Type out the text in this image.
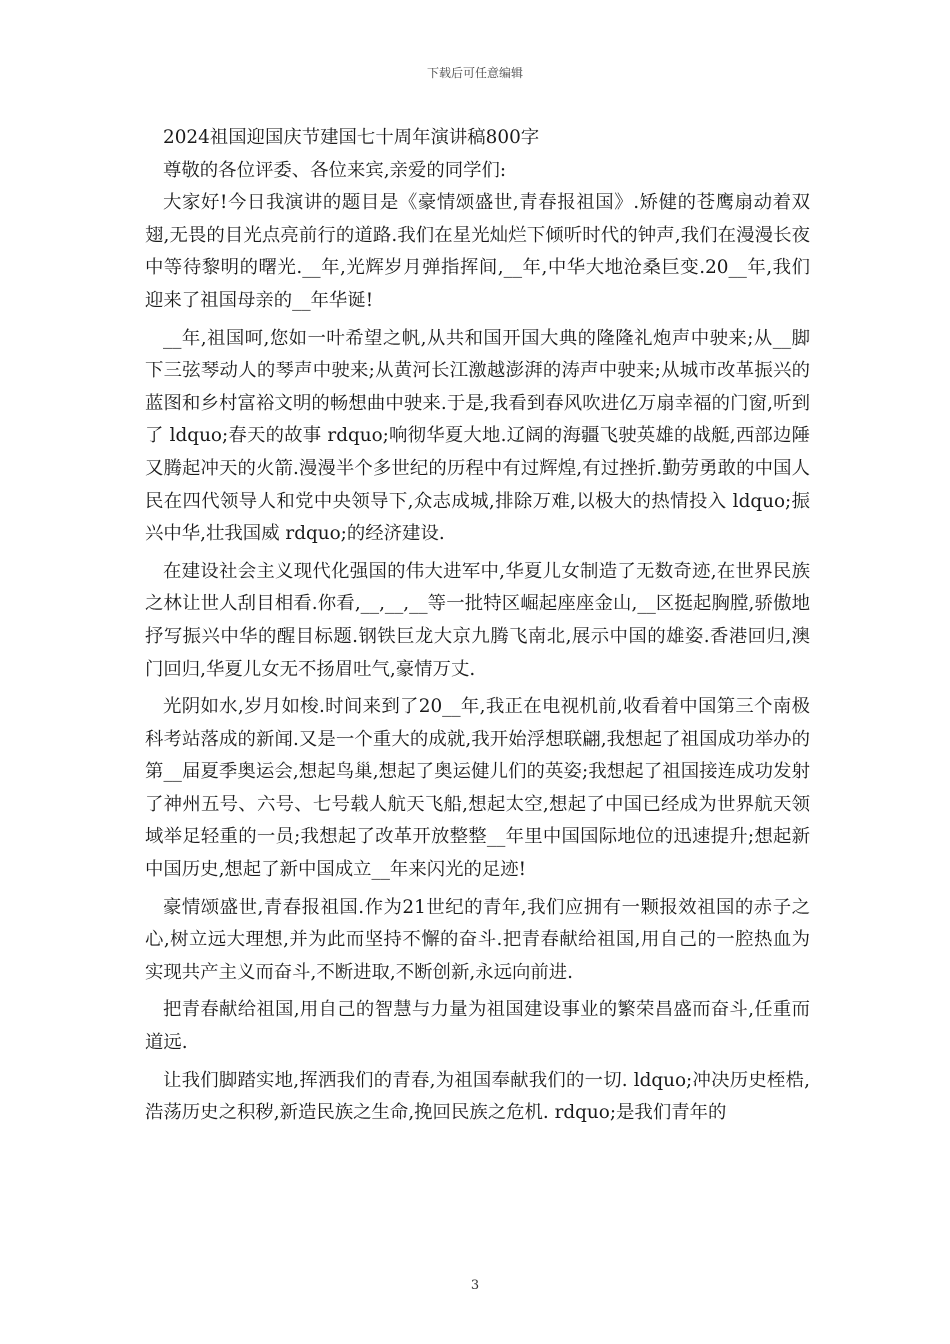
下载后可任意编辑

2024祖国迎国庆节建国七十周年演讲稿800字

尊敬的各位评委、各位来宾,亲爱的同学们:

大家好!今日我演讲的题目是《豪情颂盛世,青春报祖国》.矫健的苍鹰扇动着双翅,无畏的目光点亮前行的道路.我们在星光灿烂下倾听时代的钟声,我们在漫漫长夜中等待黎明的曙光.__年,光辉岁月弹指挥间,__年,中华大地沧桑巨变.20__年,我们迎来了祖国母亲的__年华诞!

__年,祖国呵,您如一叶希望之帆,从共和国开国大典的隆隆礼炮声中驶来;从__脚下三弦琴动人的琴声中驶来;从黄河长江激越澎湃的涛声中驶来;从城市改革振兴的蓝图和乡村富裕文明的畅想曲中驶来.于是,我看到春风吹进亿万扇幸福的门窗,听到了 ldquo;春天的故事 rdquo;响彻华夏大地.辽阔的海疆飞驶英雄的战艇,西部边陲又腾起冲天的火箭.漫漫半个多世纪的历程中有过辉煌,有过挫折.勤劳勇敢的中国人民在四代领导人和党中央领导下,众志成城,排除万难,以极大的热情投入 ldquo;振兴中华,壮我国威 rdquo;的经济建设.

在建设社会主义现代化强国的伟大进军中,华夏儿女制造了无数奇迹,在世界民族之林让世人刮目相看.你看,__,__,__等一批特区崛起座座金山,__区挺起胸膛,骄傲地抒写振兴中华的醒目标题.钢铁巨龙大京九腾飞南北,展示中国的雄姿.香港回归,澳门回归,华夏儿女无不扬眉吐气,豪情万丈.

光阴如水,岁月如梭.时间来到了20__年,我正在电视机前,收看着中国第三个南极科考站落成的新闻.又是一个重大的成就,我开始浮想联翩,我想起了祖国成功举办的第__届夏季奥运会,想起鸟巢,想起了奥运健儿们的英姿;我想起了祖国接连成功发射了神州五号、六号、七号载人航天飞船,想起太空,想起了中国已经成为世界航天领域举足轻重的一员;我想起了改革开放整整__年里中国国际地位的迅速提升;想起新中国历史,想起了新中国成立__年来闪光的足迹!

豪情颂盛世,青春报祖国.作为21世纪的青年,我们应拥有一颗报效祖国的赤子之心,树立远大理想,并为此而坚持不懈的奋斗.把青春献给祖国,用自己的一腔热血为实现共产主义而奋斗,不断进取,不断创新,永远向前进.

把青春献给祖国,用自己的智慧与力量为祖国建设事业的繁荣昌盛而奋斗,任重而道远.

让我们脚踏实地,挥洒我们的青春,为祖国奉献我们的一切. ldquo;冲决历史桎梏,浩荡历史之积秽,新造民族之生命,挽回民族之危机. rdquo;是我们青年的

3
